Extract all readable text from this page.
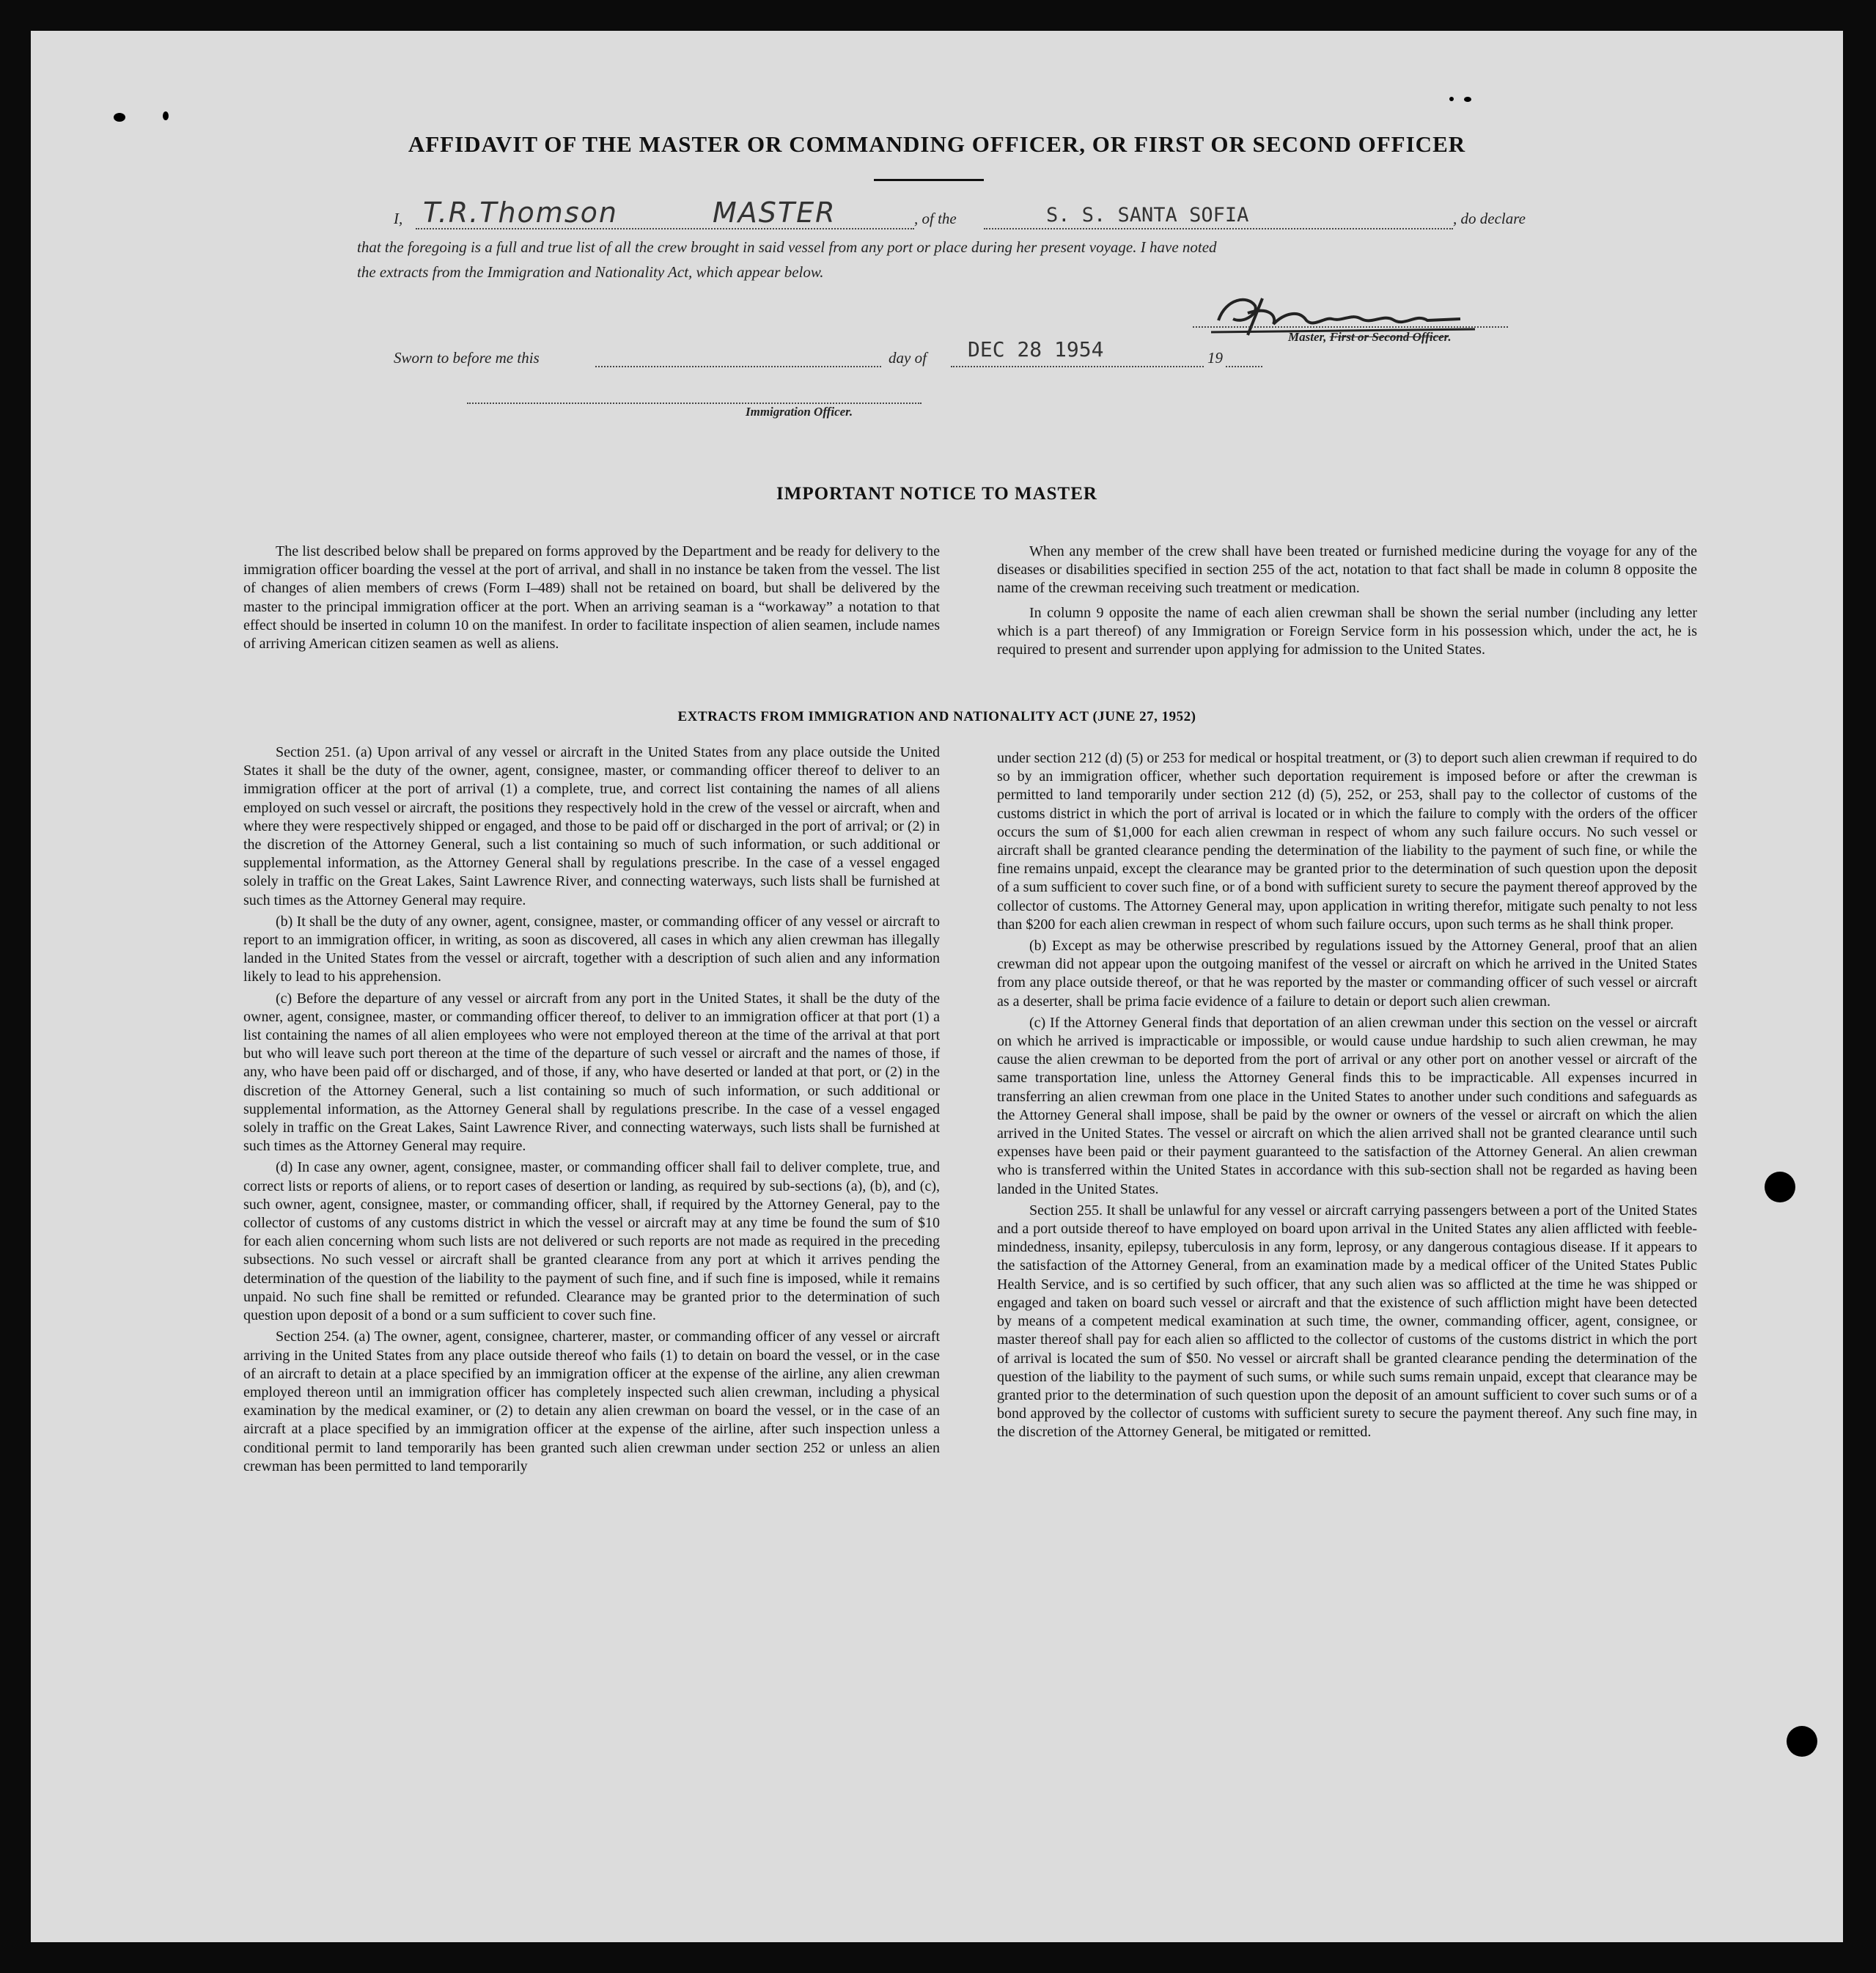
AFFIDAVIT OF THE MASTER OR COMMANDING OFFICER, OR FIRST OR SECOND OFFICER
I, T.R.Thomson	MASTER	, of the	S. S. SANTA SOFIA	, do declare
that the foregoing is a full and true list of all the crew brought in said vessel from any port or place during her present voyage. I have noted
the extracts from the Immigration and Nationality Act, which appear below.
Master, First or Second Officer.
Sworn to before me this	day of DEC 28 1954	19
Immigration Officer.
IMPORTANT NOTICE TO MASTER

The list described below shall be prepared on forms approved by the Department and be ready for delivery to the immigration officer boarding the vessel at the port of arrival, and shall in no instance be taken from the vessel. The list of changes of alien members of crews (Form I–489) shall not be retained on board, but shall be delivered by the master to the principal immigration officer at the port. When an arriving seaman is a “workaway” a notation to that effect should be inserted in column 10 on the manifest. In order to facilitate inspection of alien seamen, include names of arriving American citizen seamen as well as aliens.

When any member of the crew shall have been treated or furnished medicine during the voyage for any of the diseases or disabilities specified in section 255 of the act, notation to that fact shall be made in column 8 opposite the name of the crewman receiving such treatment or medication.

In column 9 opposite the name of each alien crewman shall be shown the serial number (including any letter which is a part thereof) of any Immigration or Foreign Service form in his possession which, under the act, he is required to present and surrender upon applying for admission to the United States.

EXTRACTS FROM IMMIGRATION AND NATIONALITY ACT (JUNE 27, 1952)

Section 251. (a) Upon arrival of any vessel or aircraft in the United States from any place outside the United States it shall be the duty of the owner, agent, consignee, master, or commanding officer thereof to deliver to an immigration officer at the port of arrival (1) a complete, true, and correct list containing the names of all aliens employed on such vessel or aircraft, the positions they respectively hold in the crew of the vessel or aircraft, when and where they were respectively shipped or engaged, and those to be paid off or discharged in the port of arrival; or (2) in the discretion of the Attorney General, such a list containing so much of such information, or such additional or supplemental information, as the Attorney General shall by regulations prescribe. In the case of a vessel engaged solely in traffic on the Great Lakes, Saint Lawrence River, and connecting waterways, such lists shall be furnished at such times as the Attorney General may require.

(b) It shall be the duty of any owner, agent, consignee, master, or commanding officer of any vessel or aircraft to report to an immigration officer, in writing, as soon as discovered, all cases in which any alien crewman has illegally landed in the United States from the vessel or aircraft, together with a description of such alien and any information likely to lead to his apprehension.

(c) Before the departure of any vessel or aircraft from any port in the United States, it shall be the duty of the owner, agent, consignee, master, or commanding officer thereof, to deliver to an immigration officer at that port (1) a list containing the names of all alien employees who were not employed thereon at the time of the arrival at that port but who will leave such port thereon at the time of the departure of such vessel or aircraft and the names of those, if any, who have been paid off or discharged, and of those, if any, who have deserted or landed at that port, or (2) in the discretion of the Attorney General, such a list containing so much of such information, or such additional or supplemental information, as the Attorney General shall by regulations prescribe. In the case of a vessel engaged solely in traffic on the Great Lakes, Saint Lawrence River, and connecting waterways, such lists shall be furnished at such times as the Attorney General may require.

(d) In case any owner, agent, consignee, master, or commanding officer shall fail to deliver complete, true, and correct lists or reports of aliens, or to report cases of desertion or landing, as required by sub-sections (a), (b), and (c), such owner, agent, consignee, master, or commanding officer, shall, if required by the Attorney General, pay to the collector of customs of any customs district in which the vessel or aircraft may at any time be found the sum of $10 for each alien concerning whom such lists are not delivered or such reports are not made as required in the preceding subsections. No such vessel or aircraft shall be granted clearance from any port at which it arrives pending the determination of the question of the liability to the payment of such fine, and if such fine is imposed, while it remains unpaid. No such fine shall be remitted or refunded. Clearance may be granted prior to the determination of such question upon deposit of a bond or a sum sufficient to cover such fine.

Section 254. (a) The owner, agent, consignee, charterer, master, or commanding officer of any vessel or aircraft arriving in the United States from any place outside thereof who fails (1) to detain on board the vessel, or in the case of an aircraft to detain at a place specified by an immigration officer at the expense of the airline, any alien crewman employed thereon until an immigration officer has completely inspected such alien crewman, including a physical examination by the medical examiner, or (2) to detain any alien crewman on board the vessel, or in the case of an aircraft at a place specified by an immigration officer at the expense of the airline, after such inspection unless a conditional permit to land temporarily has been granted such alien crewman under section 252 or unless an alien crewman has been permitted to land temporarily

under section 212 (d) (5) or 253 for medical or hospital treatment, or (3) to deport such alien crewman if required to do so by an immigration officer, whether such deportation requirement is imposed before or after the crewman is permitted to land temporarily under section 212 (d) (5), 252, or 253, shall pay to the collector of customs of the customs district in which the port of arrival is located or in which the failure to comply with the orders of the officer occurs the sum of $1,000 for each alien crewman in respect of whom any such failure occurs. No such vessel or aircraft shall be granted clearance pending the determination of the liability to the payment of such fine, or while the fine remains unpaid, except the clearance may be granted prior to the determination of such question upon the deposit of a sum sufficient to cover such fine, or of a bond with sufficient surety to secure the payment thereof approved by the collector of customs. The Attorney General may, upon application in writing therefor, mitigate such penalty to not less than $200 for each alien crewman in respect of whom such failure occurs, upon such terms as he shall think proper.

(b) Except as may be otherwise prescribed by regulations issued by the Attorney General, proof that an alien crewman did not appear upon the outgoing manifest of the vessel or aircraft on which he arrived in the United States from any place outside thereof, or that he was reported by the master or commanding officer of such vessel or aircraft as a deserter, shall be prima facie evidence of a failure to detain or deport such alien crewman.

(c) If the Attorney General finds that deportation of an alien crewman under this section on the vessel or aircraft on which he arrived is impracticable or impossible, or would cause undue hardship to such alien crewman, he may cause the alien crewman to be deported from the port of arrival or any other port on another vessel or aircraft of the same transportation line, unless the Attorney General finds this to be impracticable. All expenses incurred in transferring an alien crewman from one place in the United States to another under such conditions and safeguards as the Attorney General shall impose, shall be paid by the owner or owners of the vessel or aircraft on which the alien arrived in the United States. The vessel or aircraft on which the alien arrived shall not be granted clearance until such expenses have been paid or their payment guaranteed to the satisfaction of the Attorney General. An alien crewman who is transferred within the United States in accordance with this sub-section shall not be regarded as having been landed in the United States.

Section 255. It shall be unlawful for any vessel or aircraft carrying passengers between a port of the United States and a port outside thereof to have employed on board upon arrival in the United States any alien afflicted with feeble-mindedness, insanity, epilepsy, tuberculosis in any form, leprosy, or any dangerous contagious disease. If it appears to the satisfaction of the Attorney General, from an examination made by a medical officer of the United States Public Health Service, and is so certified by such officer, that any such alien was so afflicted at the time he was shipped or engaged and taken on board such vessel or aircraft and that the existence of such affliction might have been detected by means of a competent medical examination at such time, the owner, commanding officer, agent, consignee, or master thereof shall pay for each alien so afflicted to the collector of customs of the customs district in which the port of arrival is located the sum of $50. No vessel or aircraft shall be granted clearance pending the determination of the question of the liability to the payment of such sums, or while such sums remain unpaid, except that clearance may be granted prior to the determination of such question upon the deposit of an amount sufficient to cover such sums or of a bond approved by the collector of customs with sufficient surety to secure the payment thereof. Any such fine may, in the discretion of the Attorney General, be mitigated or remitted.
